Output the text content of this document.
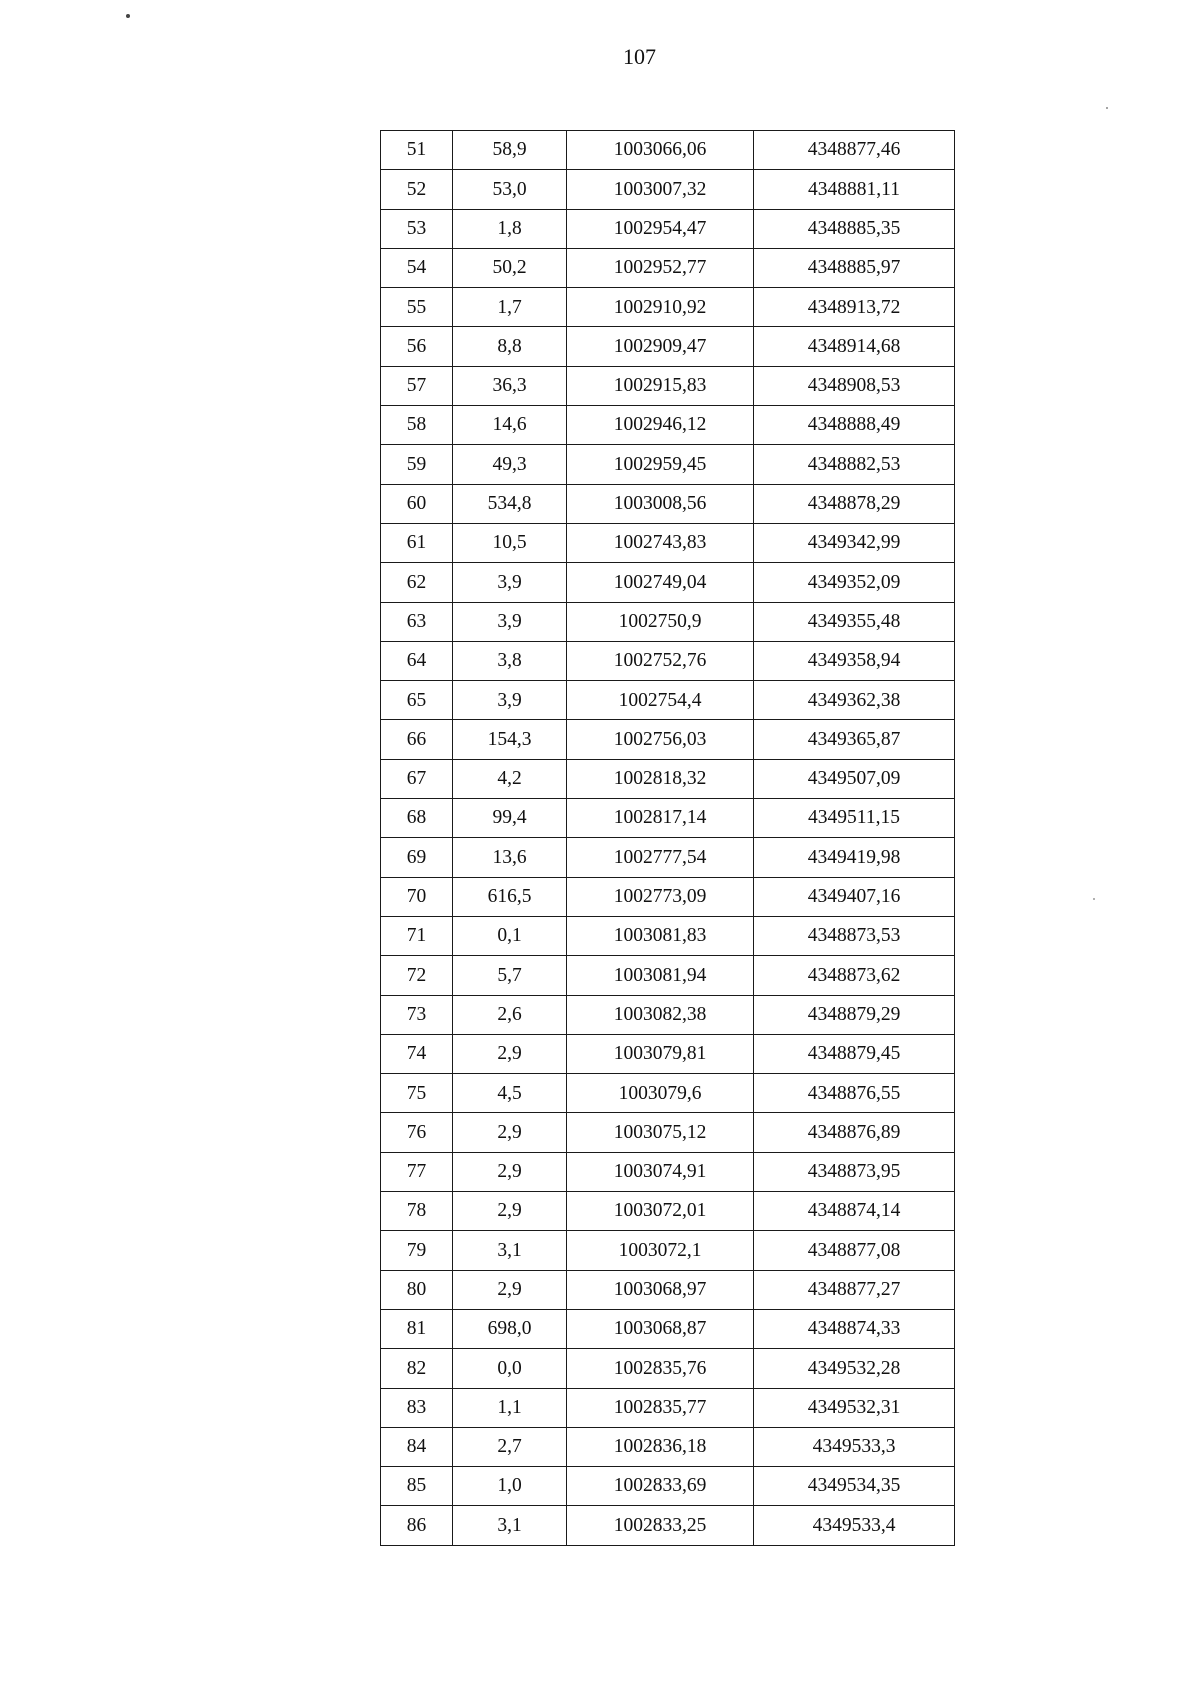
107
51	58,9	1003066,06	4348877,46
52	53,0	1003007,32	4348881,11
53	1,8	1002954,47	4348885,35
54	50,2	1002952,77	4348885,97
55	1,7	1002910,92	4348913,72
56	8,8	1002909,47	4348914,68
57	36,3	1002915,83	4348908,53
58	14,6	1002946,12	4348888,49
59	49,3	1002959,45	4348882,53
60	534,8	1003008,56	4348878,29
61	10,5	1002743,83	4349342,99
62	3,9	1002749,04	4349352,09
63	3,9	1002750,9	4349355,48
64	3,8	1002752,76	4349358,94
65	3,9	1002754,4	4349362,38
66	154,3	1002756,03	4349365,87
67	4,2	1002818,32	4349507,09
68	99,4	1002817,14	4349511,15
69	13,6	1002777,54	4349419,98
70	616,5	1002773,09	4349407,16
71	0,1	1003081,83	4348873,53
72	5,7	1003081,94	4348873,62
73	2,6	1003082,38	4348879,29
74	2,9	1003079,81	4348879,45
75	4,5	1003079,6	4348876,55
76	2,9	1003075,12	4348876,89
77	2,9	1003074,91	4348873,95
78	2,9	1003072,01	4348874,14
79	3,1	1003072,1	4348877,08
80	2,9	1003068,97	4348877,27
81	698,0	1003068,87	4348874,33
82	0,0	1002835,76	4349532,28
83	1,1	1002835,77	4349532,31
84	2,7	1002836,18	4349533,3
85	1,0	1002833,69	4349534,35
86	3,1	1002833,25	4349533,4
